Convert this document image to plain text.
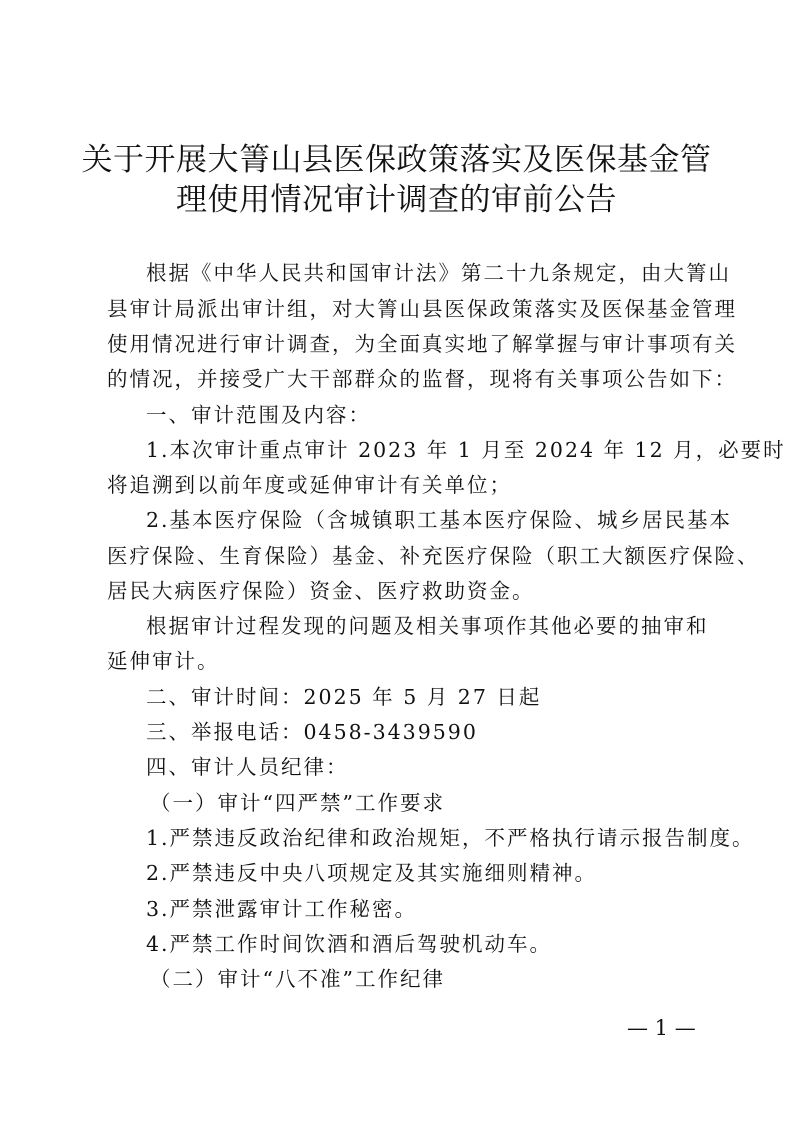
关于开展大箐山县医保政策落实及医保基金管
理使用情况审计调查的审前公告
根据《中华人民共和国审计法》第二十九条规定，由大箐山
县审计局派出审计组，对大箐山县医保政策落实及医保基金管理
使用情况进行审计调查，为全面真实地了解掌握与审计事项有关
的情况，并接受广大干部群众的监督，现将有关事项公告如下：
一、审计范围及内容：
1.本次审计重点审计 2023 年 1 月至 2024 年 12 月，必要时
将追溯到以前年度或延伸审计有关单位；
2.基本医疗保险（含城镇职工基本医疗保险、城乡居民基本
医疗保险、生育保险）基金、补充医疗保险（职工大额医疗保险、
居民大病医疗保险）资金、医疗救助资金。
根据审计过程发现的问题及相关事项作其他必要的抽审和
延伸审计。
二、审计时间：2025 年 5 月 27 日起
三、举报电话：0458-3439590
四、审计人员纪律：
（一）审计“四严禁”工作要求
1.严禁违反政治纪律和政治规矩，不严格执行请示报告制度。
2.严禁违反中央八项规定及其实施细则精神。
3.严禁泄露审计工作秘密。
4.严禁工作时间饮酒和酒后驾驶机动车。
（二）审计“八不准”工作纪律
— 1 —
